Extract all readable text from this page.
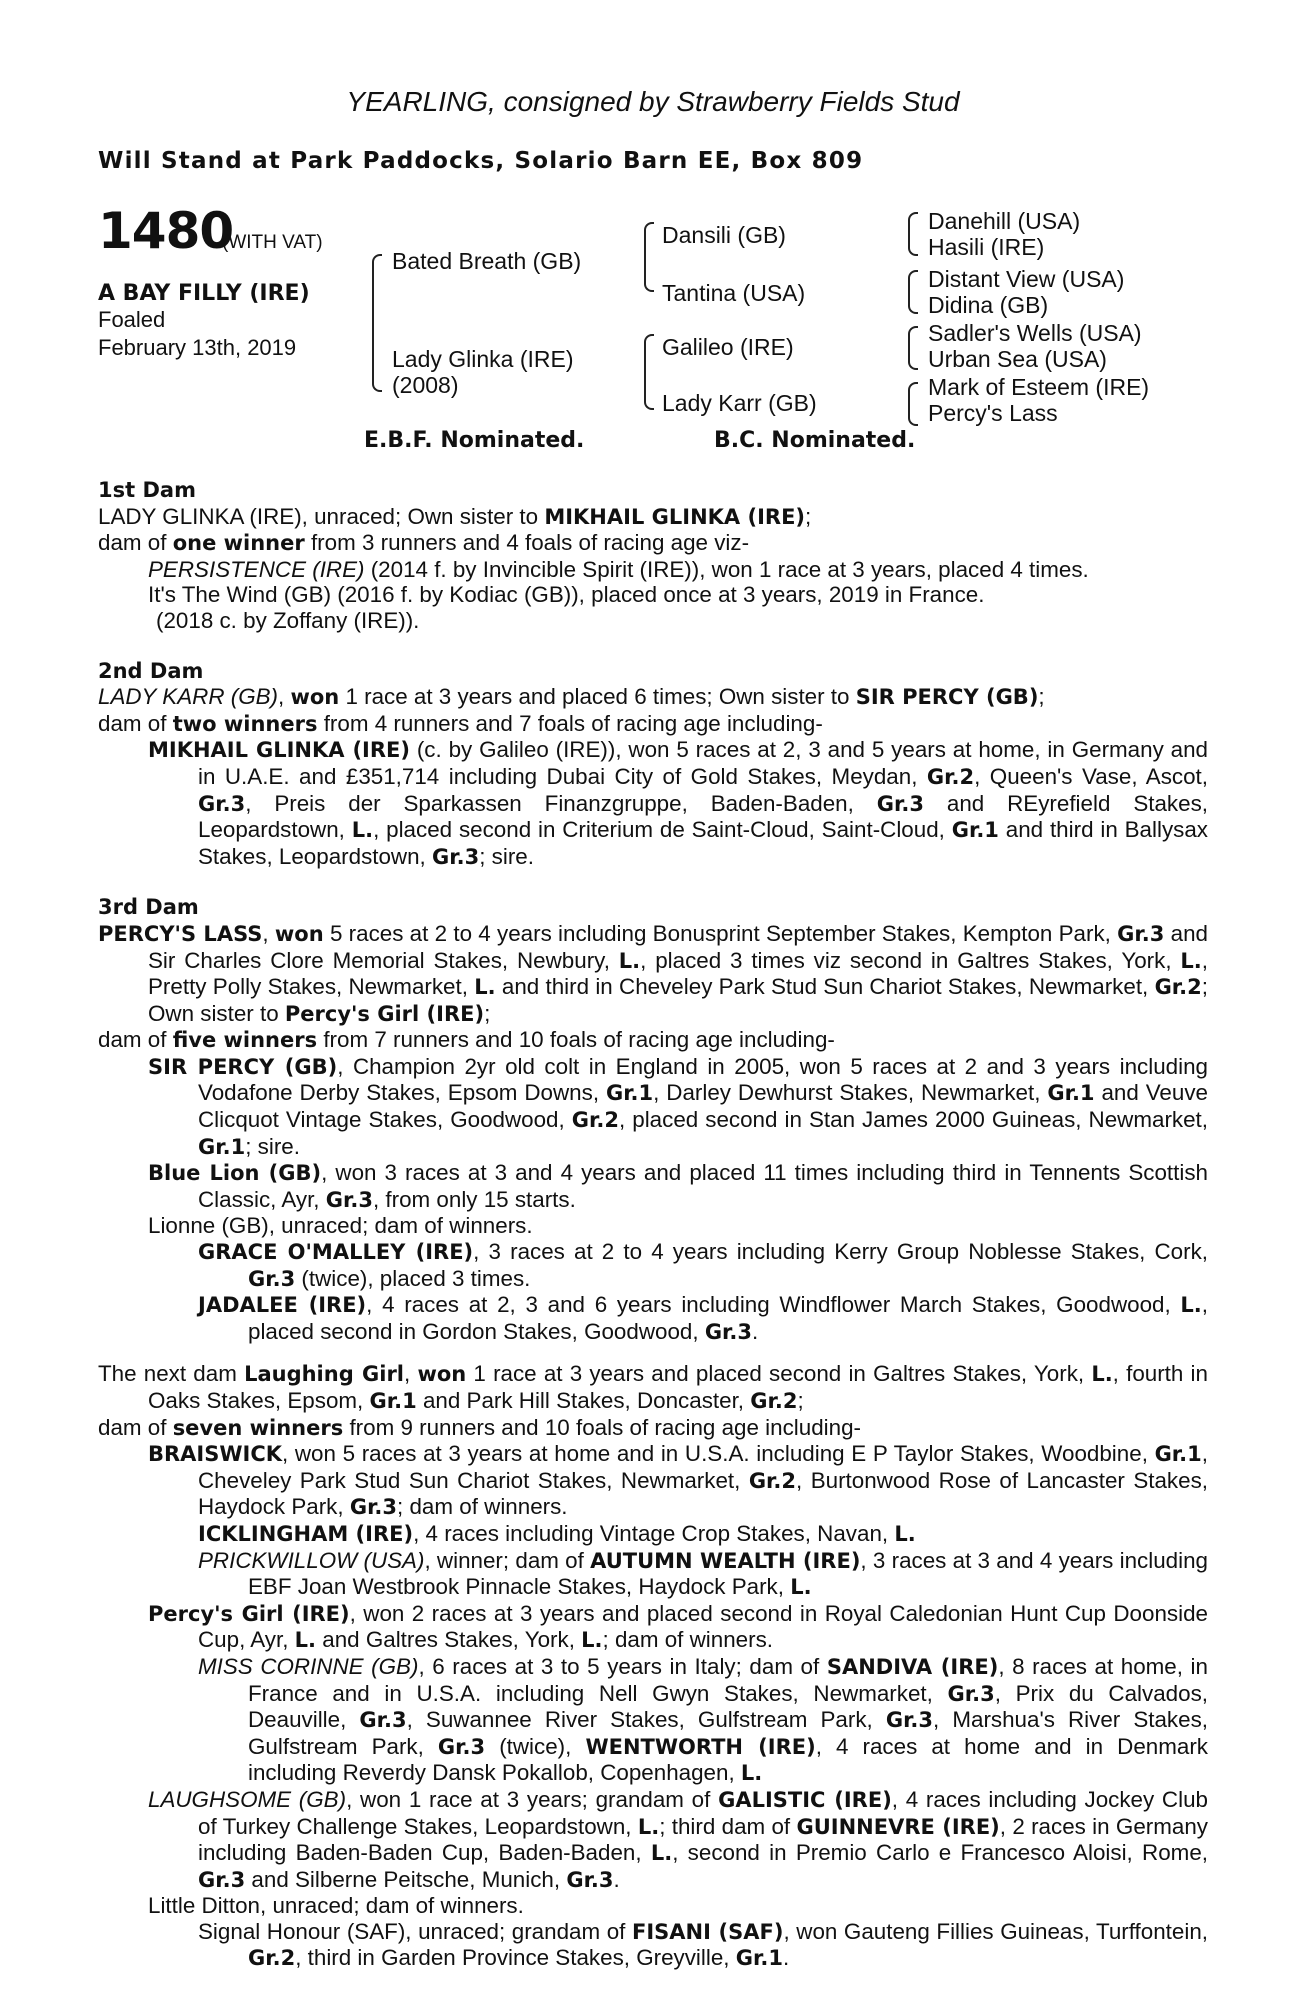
YEARLING, consigned by Strawberry Fields Stud
Will Stand at Park Paddocks, Solario Barn EE, Box 809
1480
(WITH VAT)
A BAY FILLY (IRE)
Foaled
February 13th, 2019
Bated Breath (GB)
Lady Glinka (IRE)
(2008)
Dansili (GB)
Tantina (USA)
Galileo (IRE)
Lady Karr (GB)
Danehill (USA)
Hasili (IRE)
Distant View (USA)
Didina (GB)
Sadler's Wells (USA)
Urban Sea (USA)
Mark of Esteem (IRE)
Percy's Lass
E.B.F. Nominated.	B.C. Nominated.

1st Dam

LADY GLINKA (IRE), unraced; Own sister to MIKHAIL GLINKA (IRE);

dam of one winner from 3 runners and 4 foals of racing age viz-

PERSISTENCE (IRE) (2014 f. by Invincible Spirit (IRE)), won 1 race at 3 years, placed 4 times.

It's The Wind (GB) (2016 f. by Kodiac (GB)), placed once at 3 years, 2019 in France.

(2018 c. by Zoffany (IRE)).

2nd Dam

LADY KARR (GB), won 1 race at 3 years and placed 6 times; Own sister to SIR PERCY (GB);

dam of two winners from 4 runners and 7 foals of racing age including-

MIKHAIL GLINKA (IRE) (c. by Galileo (IRE)), won 5 races at 2, 3 and 5 years at home, in Germany and in U.A.E. and £351,714 including Dubai City of Gold Stakes, Meydan, Gr.2, Queen's Vase, Ascot, Gr.3, Preis der Sparkassen Finanzgruppe, Baden-Baden, Gr.3 and REyrefield Stakes, Leopardstown, L., placed second in Criterium de Saint-Cloud, Saint-Cloud, Gr.1 and third in Ballysax Stakes, Leopardstown, Gr.3; sire.

3rd Dam

PERCY'S LASS, won 5 races at 2 to 4 years including Bonusprint September Stakes, Kempton Park, Gr.3 and Sir Charles Clore Memorial Stakes, Newbury, L., placed 3 times viz second in Galtres Stakes, York, L., Pretty Polly Stakes, Newmarket, L. and third in Cheveley Park Stud Sun Chariot Stakes, Newmarket, Gr.2; Own sister to Percy's Girl (IRE);

dam of five winners from 7 runners and 10 foals of racing age including-

SIR PERCY (GB), Champion 2yr old colt in England in 2005, won 5 races at 2 and 3 years including Vodafone Derby Stakes, Epsom Downs, Gr.1, Darley Dewhurst Stakes, Newmarket, Gr.1 and Veuve Clicquot Vintage Stakes, Goodwood, Gr.2, placed second in Stan James 2000 Guineas, Newmarket, Gr.1; sire.

Blue Lion (GB), won 3 races at 3 and 4 years and placed 11 times including third in Tennents Scottish Classic, Ayr, Gr.3, from only 15 starts.

Lionne (GB), unraced; dam of winners.

GRACE O'MALLEY (IRE), 3 races at 2 to 4 years including Kerry Group Noblesse Stakes, Cork, Gr.3 (twice), placed 3 times.

JADALEE (IRE), 4 races at 2, 3 and 6 years including Windflower March Stakes, Goodwood, L., placed second in Gordon Stakes, Goodwood, Gr.3.

The next dam Laughing Girl, won 1 race at 3 years and placed second in Galtres Stakes, York, L., fourth in Oaks Stakes, Epsom, Gr.1 and Park Hill Stakes, Doncaster, Gr.2;

dam of seven winners from 9 runners and 10 foals of racing age including-

BRAISWICK, won 5 races at 3 years at home and in U.S.A. including E P Taylor Stakes, Woodbine, Gr.1, Cheveley Park Stud Sun Chariot Stakes, Newmarket, Gr.2, Burtonwood Rose of Lancaster Stakes, Haydock Park, Gr.3; dam of winners.

ICKLINGHAM (IRE), 4 races including Vintage Crop Stakes, Navan, L.

PRICKWILLOW (USA), winner; dam of AUTUMN WEALTH (IRE), 3 races at 3 and 4 years including EBF Joan Westbrook Pinnacle Stakes, Haydock Park, L.

Percy's Girl (IRE), won 2 races at 3 years and placed second in Royal Caledonian Hunt Cup Doonside Cup, Ayr, L. and Galtres Stakes, York, L.; dam of winners.

MISS CORINNE (GB), 6 races at 3 to 5 years in Italy; dam of SANDIVA (IRE), 8 races at home, in France and in U.S.A. including Nell Gwyn Stakes, Newmarket, Gr.3, Prix du Calvados, Deauville, Gr.3, Suwannee River Stakes, Gulfstream Park, Gr.3, Marshua's River Stakes, Gulfstream Park, Gr.3 (twice), WENTWORTH (IRE), 4 races at home and in Denmark including Reverdy Dansk Pokallob, Copenhagen, L.

LAUGHSOME (GB), won 1 race at 3 years; grandam of GALISTIC (IRE), 4 races including Jockey Club of Turkey Challenge Stakes, Leopardstown, L.; third dam of GUINNEVRE (IRE), 2 races in Germany including Baden-Baden Cup, Baden-Baden, L., second in Premio Carlo e Francesco Aloisi, Rome, Gr.3 and Silberne Peitsche, Munich, Gr.3.

Little Ditton, unraced; dam of winners.

Signal Honour (SAF), unraced; grandam of FISANI (SAF), won Gauteng Fillies Guineas, Turffontein, Gr.2, third in Garden Province Stakes, Greyville, Gr.1.
